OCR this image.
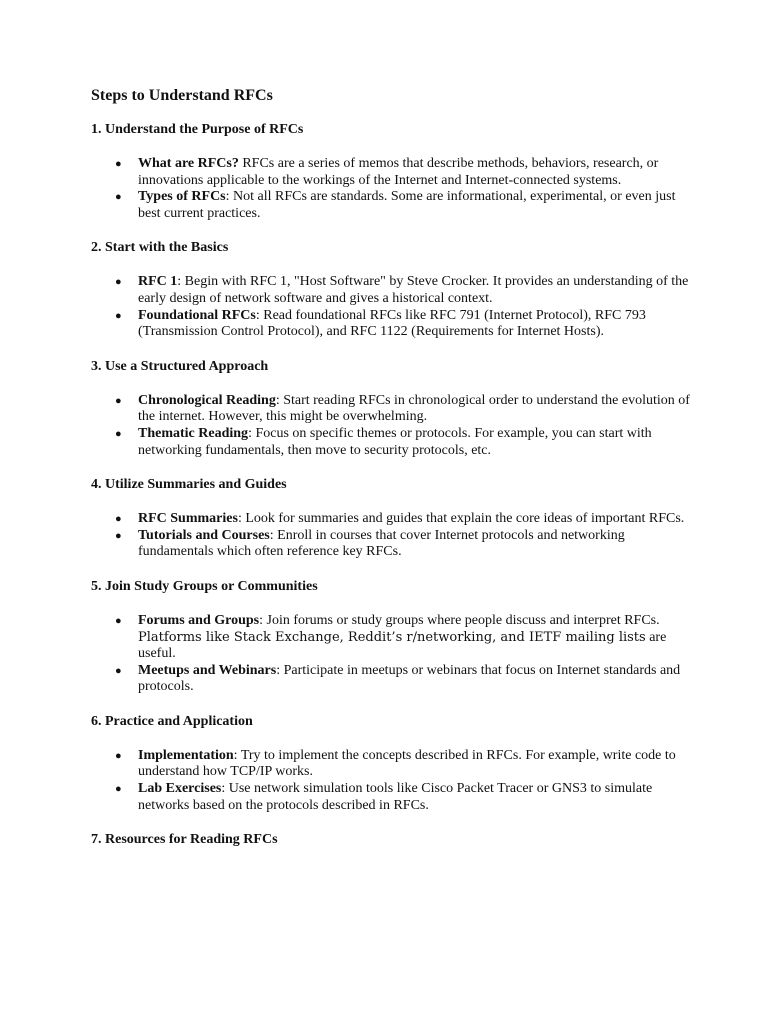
Steps to Understand RFCs
1. Understand the Purpose of RFCs
● What are RFCs? RFCs are a series of memos that describe methods, behaviors, research, or innovations applicable to the workings of the Internet and Internet-connected systems.
● Types of RFCs: Not all RFCs are standards. Some are informational, experimental, or even just best current practices.
2. Start with the Basics
● RFC 1: Begin with RFC 1, "Host Software" by Steve Crocker. It provides an understanding of the early design of network software and gives a historical context.
● Foundational RFCs: Read foundational RFCs like RFC 791 (Internet Protocol), RFC 793 (Transmission Control Protocol), and RFC 1122 (Requirements for Internet Hosts).
3. Use a Structured Approach
● Chronological Reading: Start reading RFCs in chronological order to understand the evolution of the internet. However, this might be overwhelming.
● Thematic Reading: Focus on specific themes or protocols. For example, you can start with networking fundamentals, then move to security protocols, etc.
4. Utilize Summaries and Guides
● RFC Summaries: Look for summaries and guides that explain the core ideas of important RFCs.
● Tutorials and Courses: Enroll in courses that cover Internet protocols and networking fundamentals which often reference key RFCs.
5. Join Study Groups or Communities
● Forums and Groups: Join forums or study groups where people discuss and interpret RFCs. Platforms like Stack Exchange, Reddit’s r/networking, and IETF mailing lists are useful.
● Meetups and Webinars: Participate in meetups or webinars that focus on Internet standards and protocols.
6. Practice and Application
● Implementation: Try to implement the concepts described in RFCs. For example, write code to understand how TCP/IP works.
● Lab Exercises: Use network simulation tools like Cisco Packet Tracer or GNS3 to simulate networks based on the protocols described in RFCs.
7. Resources for Reading RFCs
